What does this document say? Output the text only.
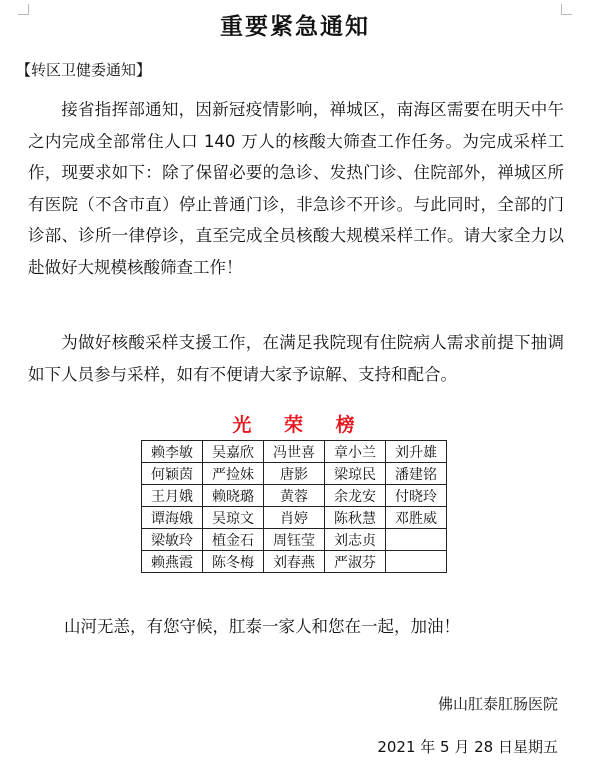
重要紧急通知
【转区卫健委通知】
接省指挥部通知，因新冠疫情影响，禅城区，南海区需要在明天中午之内完成全部常住人口 140 万人的核酸大筛查工作任务。为完成采样工作，现要求如下：除了保留必要的急诊、发热门诊、住院部外，禅城区所有医院（不含市直）停止普通门诊，非急诊不开诊。与此同时，全部的门诊部、诊所一律停诊，直至完成全员核酸大规模采样工作。请大家全力以赴做好大规模核酸筛查工作！
为做好核酸采样支援工作，在满足我院现有住院病人需求前提下抽调如下人员参与采样，如有不便请大家予谅解、支持和配合。
光 荣 榜
赖李敏	吴嘉欣	冯世喜	章小兰	刘升雄
何颖茵	严捡妹	唐影	梁琼民	潘建铭
王月娥	赖晓璐	黄蓉	余龙安	付晓玲
谭海娥	吴琼文	肖婷	陈秋慧	邓胜威
梁敏玲	植金石	周钰莹	刘志贞	
赖燕霞	陈冬梅	刘春燕	严淑芬	
山河无恙，有您守候，肛泰一家人和您在一起，加油！
佛山肛泰肛肠医院
2021 年 5 月 28 日星期五
